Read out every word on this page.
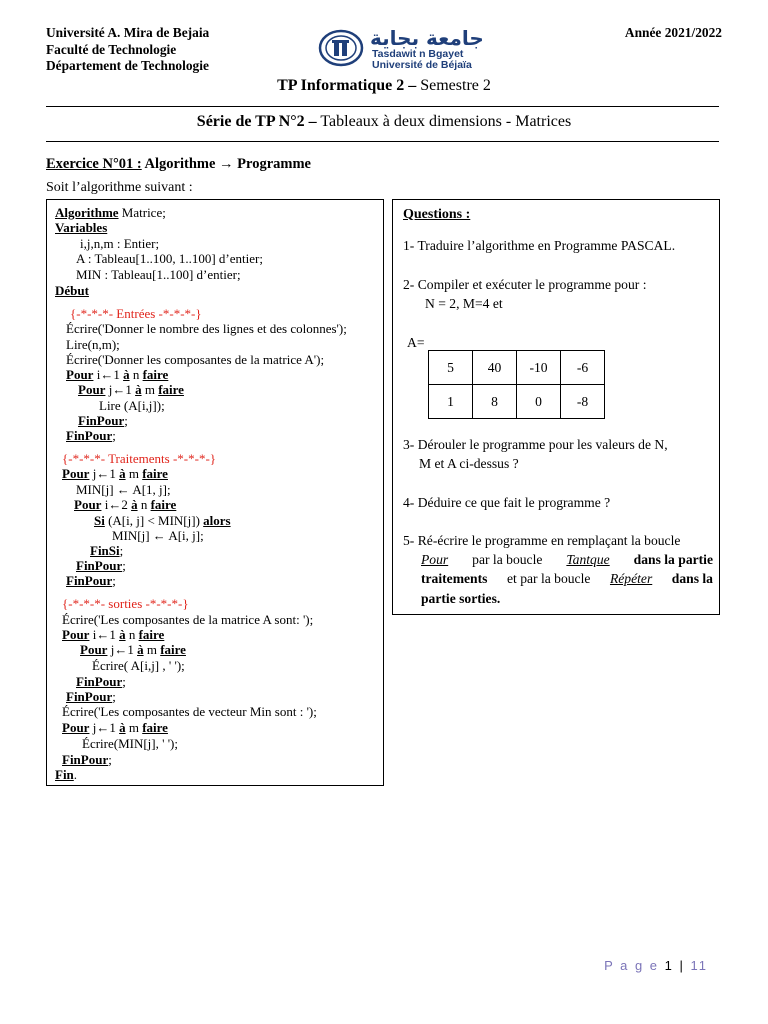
Université A. Mira de Bejaia
Faculté de Technologie
Département de Technologie
Année 2021/2022
جامعة بجاية
Tasdawit n Bgayet
Université de Béjaïa
TP Informatique 2 – Semestre 2
Série de TP N°2 – Tableaux à deux dimensions - Matrices
Exercice N°01 : Algorithme → Programme
Soit l’algorithme suivant :
Algorithme Matrice;
Variables
i,j,n,m : Entier;
A : Tableau[1..100, 1..100] d’entier;
MIN : Tableau[1..100] d’entier;
Début
{-*-*-*- Entrées -*-*-*-}
Écrire('Donner le nombre des lignes et des colonnes');
Lire(n,m);
Écrire('Donner les composantes de la matrice A');
Pour i←1 à n faire
Pour j←1 à m faire
Lire (A[i,j]);
FinPour;
FinPour;
{-*-*-*- Traitements -*-*-*-}
Pour j←1 à m faire
MIN[j] ← A[1, j];
Pour i←2 à n faire
Si (A[i, j] < MIN[j]) alors
MIN[j] ← A[i, j];
FinSi;
FinPour;
FinPour;
{-*-*-*- sorties -*-*-*-}
Écrire('Les composantes de la matrice A sont: ');
Pour i←1 à n faire
Pour j←1 à m faire
Écrire( A[i,j] , ' ');
FinPour;
FinPour;
Écrire('Les composantes de vecteur Min sont : ');
Pour j←1 à m faire
Écrire(MIN[j], ' ');
FinPour;
Fin.
Questions :
1- Traduire l’algorithme en Programme PASCAL.
2- Compiler et exécuter le programme pour :
N = 2, M=4 et
A=
3- Dérouler le programme pour les valeurs de N,
M et A ci-dessus ?
4- Déduire ce que fait le programme ?
5- Ré-écrire le programme en remplaçant la boucle
Pour par la boucle Tantque dans la partie
traitements et par la boucle Répéter dans la
partie sorties.
5	40	-10	-6
1	8	0	-8
P a g e 1 | 11
